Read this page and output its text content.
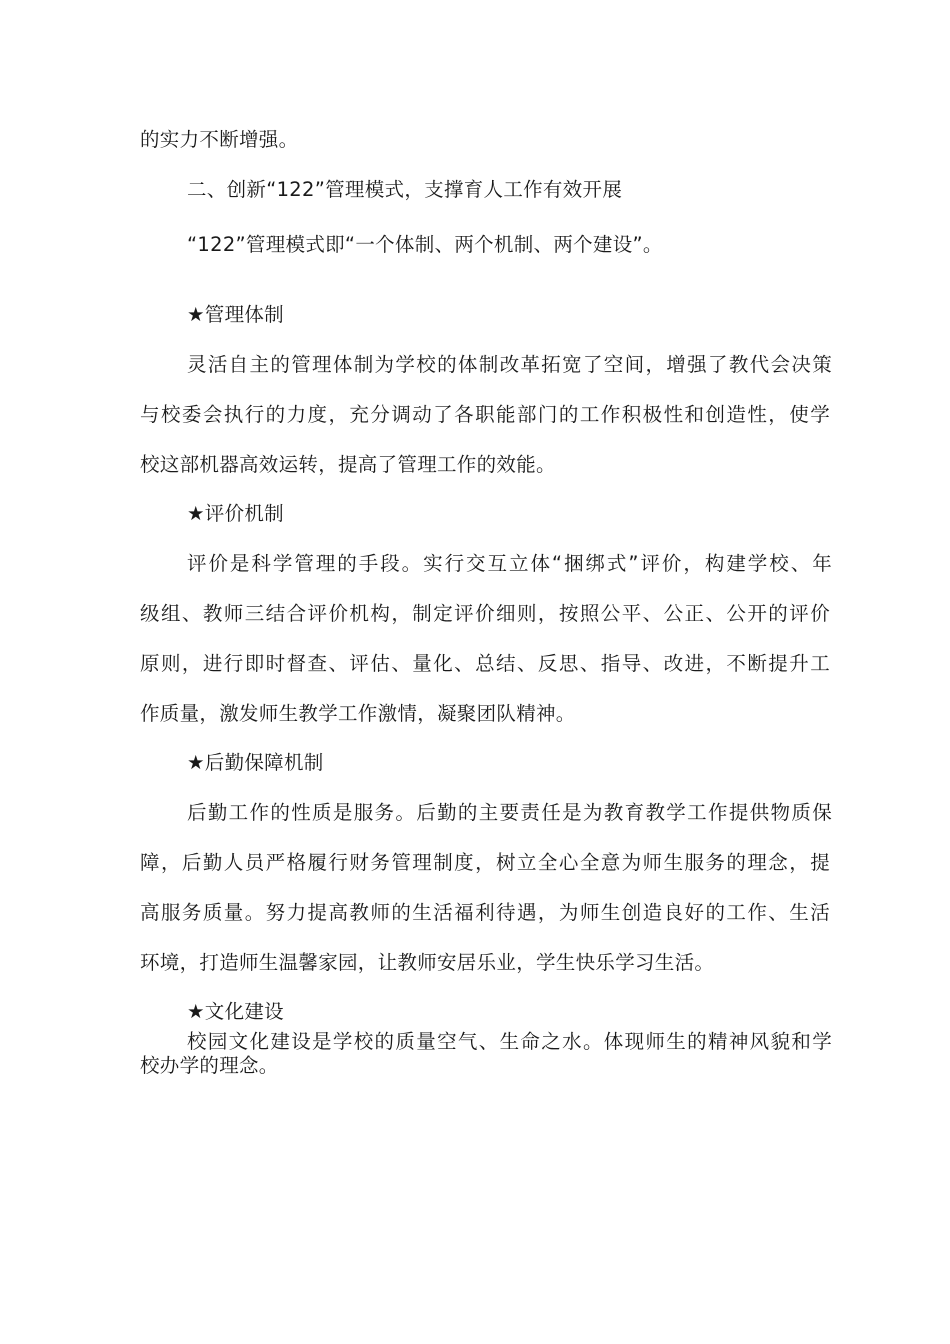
的实力不断增强。
二、创新“122”管理模式，支撑育人工作有效开展
“122”管理模式即“一个体制、两个机制、两个建设”。
★管理体制
灵活自主的管理体制为学校的体制改革拓宽了空间，增强了教代会决策
与校委会执行的力度，充分调动了各职能部门的工作积极性和创造性，使学
校这部机器高效运转，提高了管理工作的效能。
★评价机制
评价是科学管理的手段。实行交互立体“捆绑式”评价，构建学校、年
级组、教师三结合评价机构，制定评价细则，按照公平、公正、公开的评价
原则，进行即时督查、评估、量化、总结、反思、指导、改进，不断提升工
作质量，激发师生教学工作激情，凝聚团队精神。
★后勤保障机制
后勤工作的性质是服务。后勤的主要责任是为教育教学工作提供物质保
障，后勤人员严格履行财务管理制度，树立全心全意为师生服务的理念，提
高服务质量。努力提高教师的生活福利待遇，为师生创造良好的工作、生活
环境，打造师生温馨家园，让教师安居乐业，学生快乐学习生活。
★文化建设
校园文化建设是学校的质量空气、生命之水。体现师生的精神风貌和学
校办学的理念。
